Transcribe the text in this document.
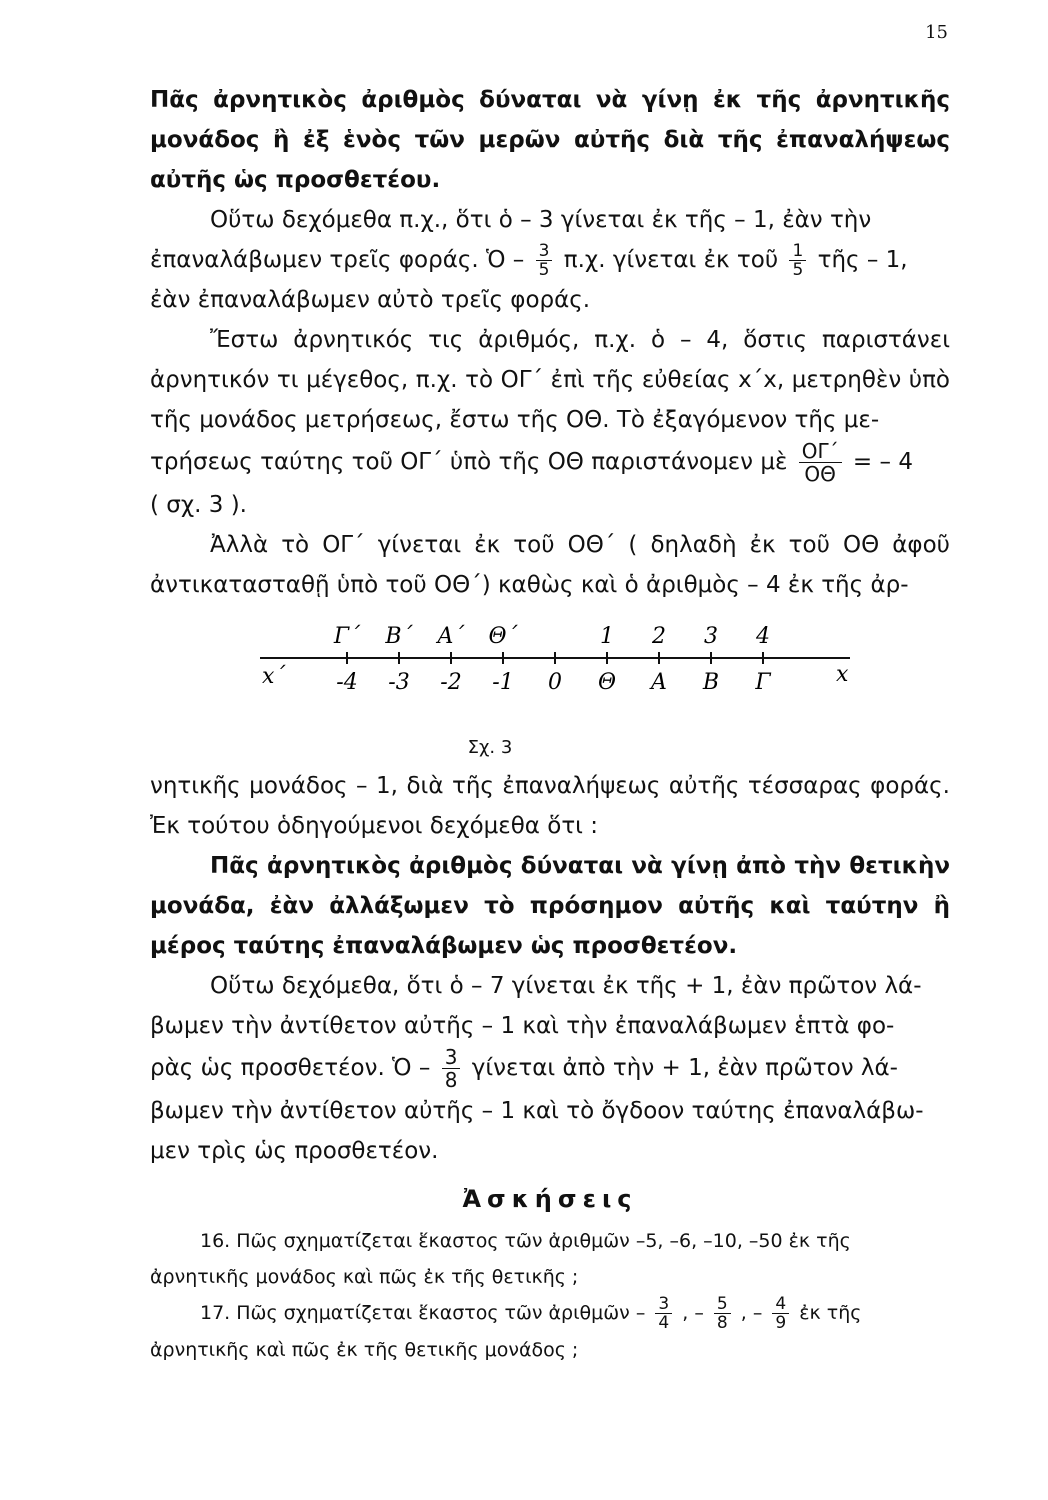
15

Πᾶς ἀρνητικὸς ἀριθμὸς δύναται νὰ γίνῃ ἐκ τῆς ἀρνητικῆς μονάδος ἢ ἐξ ἑνὸς τῶν μερῶν αὐτῆς διὰ τῆς ἐπαναλήψεως αὐτῆς ὡς προσθετέου.

Οὕτω δεχόμεθα π.χ., ὅτι ὁ – 3 γίνεται ἐκ τῆς – 1, ἐὰν τὴν

ἐπαναλάβωμεν τρεῖς φοράς. Ὁ – $\frac{3}{5} \pi.\chi$. γίνεται ἐκ τοῦ $\frac{1}{5}$ τῆς – 1,

ἐὰν ἐπαναλάβωμεν αὐτὸ τρεῖς φοράς.

Ἔστω ἀρνητικός τις ἀριθμός, π.χ. ὁ – 4, ὅστις παριστάνει ἀρνητικόν τι μέγεθος, π.χ. τὸ ΟΓ΄ ἐπὶ τῆς εὐθείας x΄x, μετρηθὲν ὑπὸ τῆς μονάδος μετρήσεως, ἔστω τῆς ΟΘ. Τὸ ἐξαγόμενον τῆς με-

τρήσεως ταύτης τοῦ ΟΓ΄ ὑπὸ τῆς ΟΘ παριστάνομεν μὲ $\frac{O\Gamma΄}{O\Theta}$ = – 4

( σχ. 3 ).

Ἀλλὰ τὸ ΟΓ΄ γίνεται ἐκ τοῦ ΟΘ΄ ( δηλαδὴ ἐκ τοῦ ΟΘ ἀφοῦ ἀντικατασταθῇ ὑπὸ τοῦ ΟΘ΄) καθὼς καὶ ὁ ἀριθμὸς – 4 ἐκ τῆς ἀρ-

Γ΄ Β΄ Α΄ Θ΄	1 2 3 4
-4 -3 -2 -1 0 Θ Α Β Γ
x΄	x
Σχ. 3

νητικῆς μονάδος – 1, διὰ τῆς ἐπαναλήψεως αὐτῆς τέσσαρας φοράς. Ἐκ τούτου ὁδηγούμενοι δεχόμεθα ὅτι :

Πᾶς ἀρνητικὸς ἀριθμὸς δύναται νὰ γίνῃ ἀπὸ τὴν θετικὴν μονάδα, ἐὰν ἀλλάξωμεν τὸ πρόσημον αὐτῆς καὶ ταύτην ἢ μέρος ταύτης ἐπαναλάβωμεν ὡς προσθετέον.

Οὕτω δεχόμεθα, ὅτι ὁ – 7 γίνεται ἐκ τῆς + 1, ἐὰν πρῶτον λά-

βωμεν τὴν ἀντίθετον αὐτῆς – 1 καὶ τὴν ἐπαναλάβωμεν ἑπτὰ φο-

ρὰς ὡς προσθετέον. Ὁ – $\frac{3}{8}$ γίνεται ἀπὸ τὴν + 1, ἐὰν πρῶτον λά-

βωμεν τὴν ἀντίθετον αὐτῆς – 1 καὶ τὸ ὄγδοον ταύτης ἐπαναλάβω-

μεν τρὶς ὡς προσθετέον.

Ἀσκήσεις

16. Πῶς σχηματίζεται ἕκαστος τῶν ἀριθμῶν –5, –6, –10, –50 ἐκ τῆς ἀρνητικῆς μονάδος καὶ πῶς ἐκ τῆς θετικῆς ;

17. Πῶς σχηματίζεται ἕκαστος τῶν ἀριθμῶν – $\frac{3}{4}$ , – $\frac{5}{8}$ , – $\frac{4}{9}$ ἐκ τῆς
ἀρνητικῆς καὶ πῶς ἐκ τῆς θετικῆς μονάδος ;
